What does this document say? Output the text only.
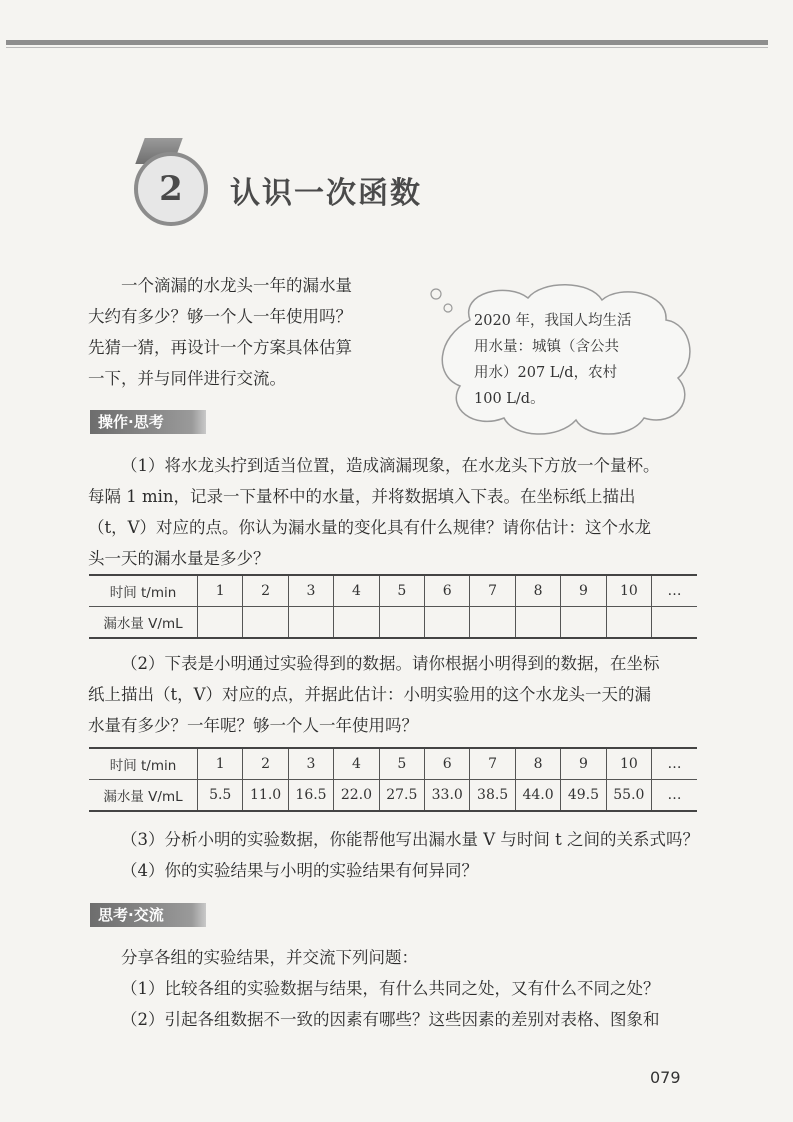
2 认识一次函数

一个滴漏的水龙头一年的漏水量

大约有多少？够一个人一年使用吗？

先猜一猜，再设计一个方案具体估算

一下，并与同伴进行交流。

2020 年，我国人均生活
用水量：城镇（含公共
用水）207 L/d，农村
100 L/d。
操作·思考

（1）将水龙头拧到适当位置，造成滴漏现象，在水龙头下方放一个量杯。

每隔 1 min，记录一下量杯中的水量，并将数据填入下表。在坐标纸上描出

（t，V）对应的点。你认为漏水量的变化具有什么规律？请你估计：这个水龙

头一天的漏水量是多少？

时间 t/min	1	2	3	4	5	6	7	8	9	10	…
漏水量 V/mL											

（2）下表是小明通过实验得到的数据。请你根据小明得到的数据，在坐标

纸上描出（t，V）对应的点，并据此估计：小明实验用的这个水龙头一天的漏

水量有多少？一年呢？够一个人一年使用吗？

时间 t/min	1	2	3	4	5	6	7	8	9	10	…
漏水量 V/mL	5.5	11.0	16.5	22.0	27.5	33.0	38.5	44.0	49.5	55.0	…

（3）分析小明的实验数据，你能帮他写出漏水量 V 与时间 t 之间的关系式吗？

（4）你的实验结果与小明的实验结果有何异同？

思考·交流

分享各组的实验结果，并交流下列问题：

（1）比较各组的实验数据与结果，有什么共同之处，又有什么不同之处？

（2）引起各组数据不一致的因素有哪些？这些因素的差别对表格、图象和

079
